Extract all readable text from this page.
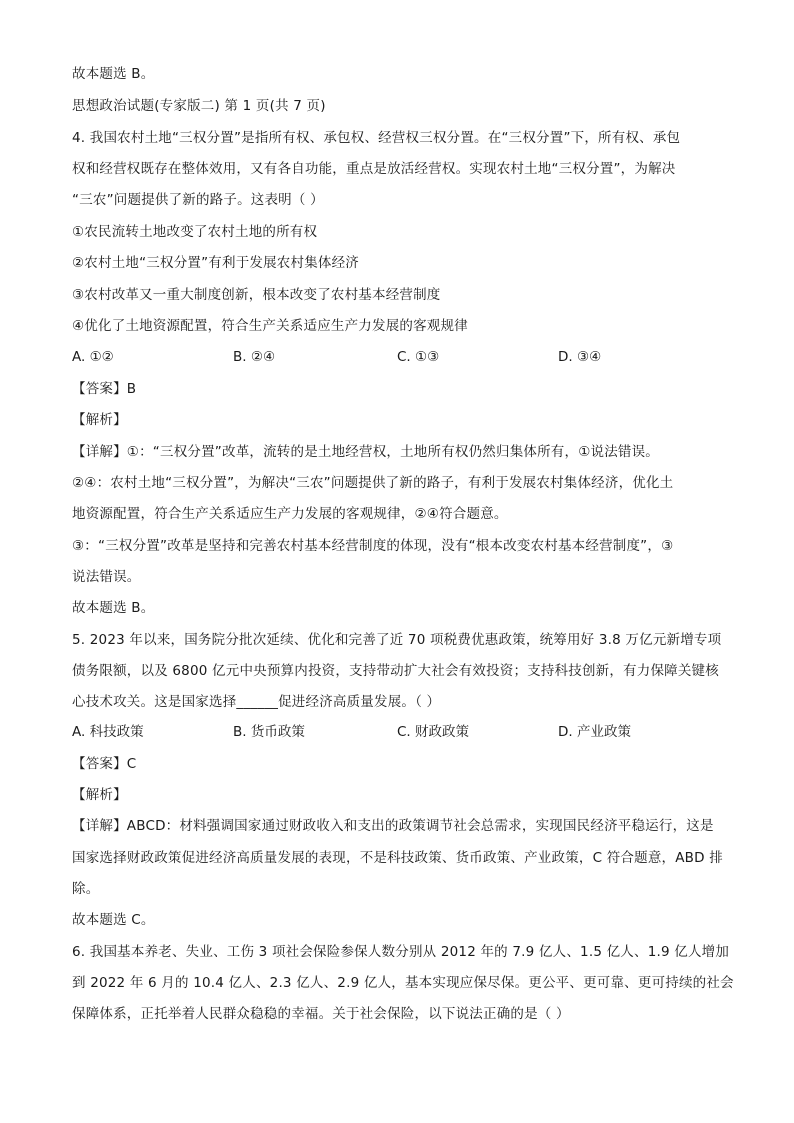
故本题选 B。
思想政治试题(专家版二) 第 1 页(共 7 页)
4. 我国农村土地“三权分置”是指所有权、承包权、经营权三权分置。在“三权分置”下，所有权、承包
权和经营权既存在整体效用，又有各自功能，重点是放活经营权。实现农村土地“三权分置”，为解决
“三农”问题提供了新的路子。这表明（ ）
①农民流转土地改变了农村土地的所有权
②农村土地“三权分置”有利于发展农村集体经济
③农村改革又一重大制度创新，根本改变了农村基本经营制度
④优化了土地资源配置，符合生产关系适应生产力发展的客观规律
A. ①②	B. ②④	C. ①③	D. ③④
【答案】B
【解析】
【详解】①：“三权分置”改革，流转的是土地经营权，土地所有权仍然归集体所有，①说法错误。
②④：农村土地“三权分置”，为解决“三农”问题提供了新的路子，有利于发展农村集体经济，优化土
地资源配置，符合生产关系适应生产力发展的客观规律，②④符合题意。
③：“三权分置”改革是坚持和完善农村基本经营制度的体现，没有“根本改变农村基本经营制度”，③
说法错误。
故本题选 B。
5. 2023 年以来，国务院分批次延续、优化和完善了近 70 项税费优惠政策，统筹用好 3.8 万亿元新增专项
债务限额，以及 6800 亿元中央预算内投资，支持带动扩大社会有效投资；支持科技创新，有力保障关键核
心技术攻关。这是国家选择______促进经济高质量发展。（ ）
A. 科技政策	B. 货币政策	C. 财政政策	D. 产业政策
【答案】C
【解析】
【详解】ABCD：材料强调国家通过财政收入和支出的政策调节社会总需求，实现国民经济平稳运行，这是
国家选择财政政策促进经济高质量发展的表现，不是科技政策、货币政策、产业政策，C 符合题意，ABD 排
除。
故本题选 C。
6. 我国基本养老、失业、工伤 3 项社会保险参保人数分别从 2012 年的 7.9 亿人、1.5 亿人、1.9 亿人增加
到 2022 年 6 月的 10.4 亿人、2.3 亿人、2.9 亿人，基本实现应保尽保。更公平、更可靠、更可持续的社会
保障体系，正托举着人民群众稳稳的幸福。关于社会保险，以下说法正确的是（ ）
